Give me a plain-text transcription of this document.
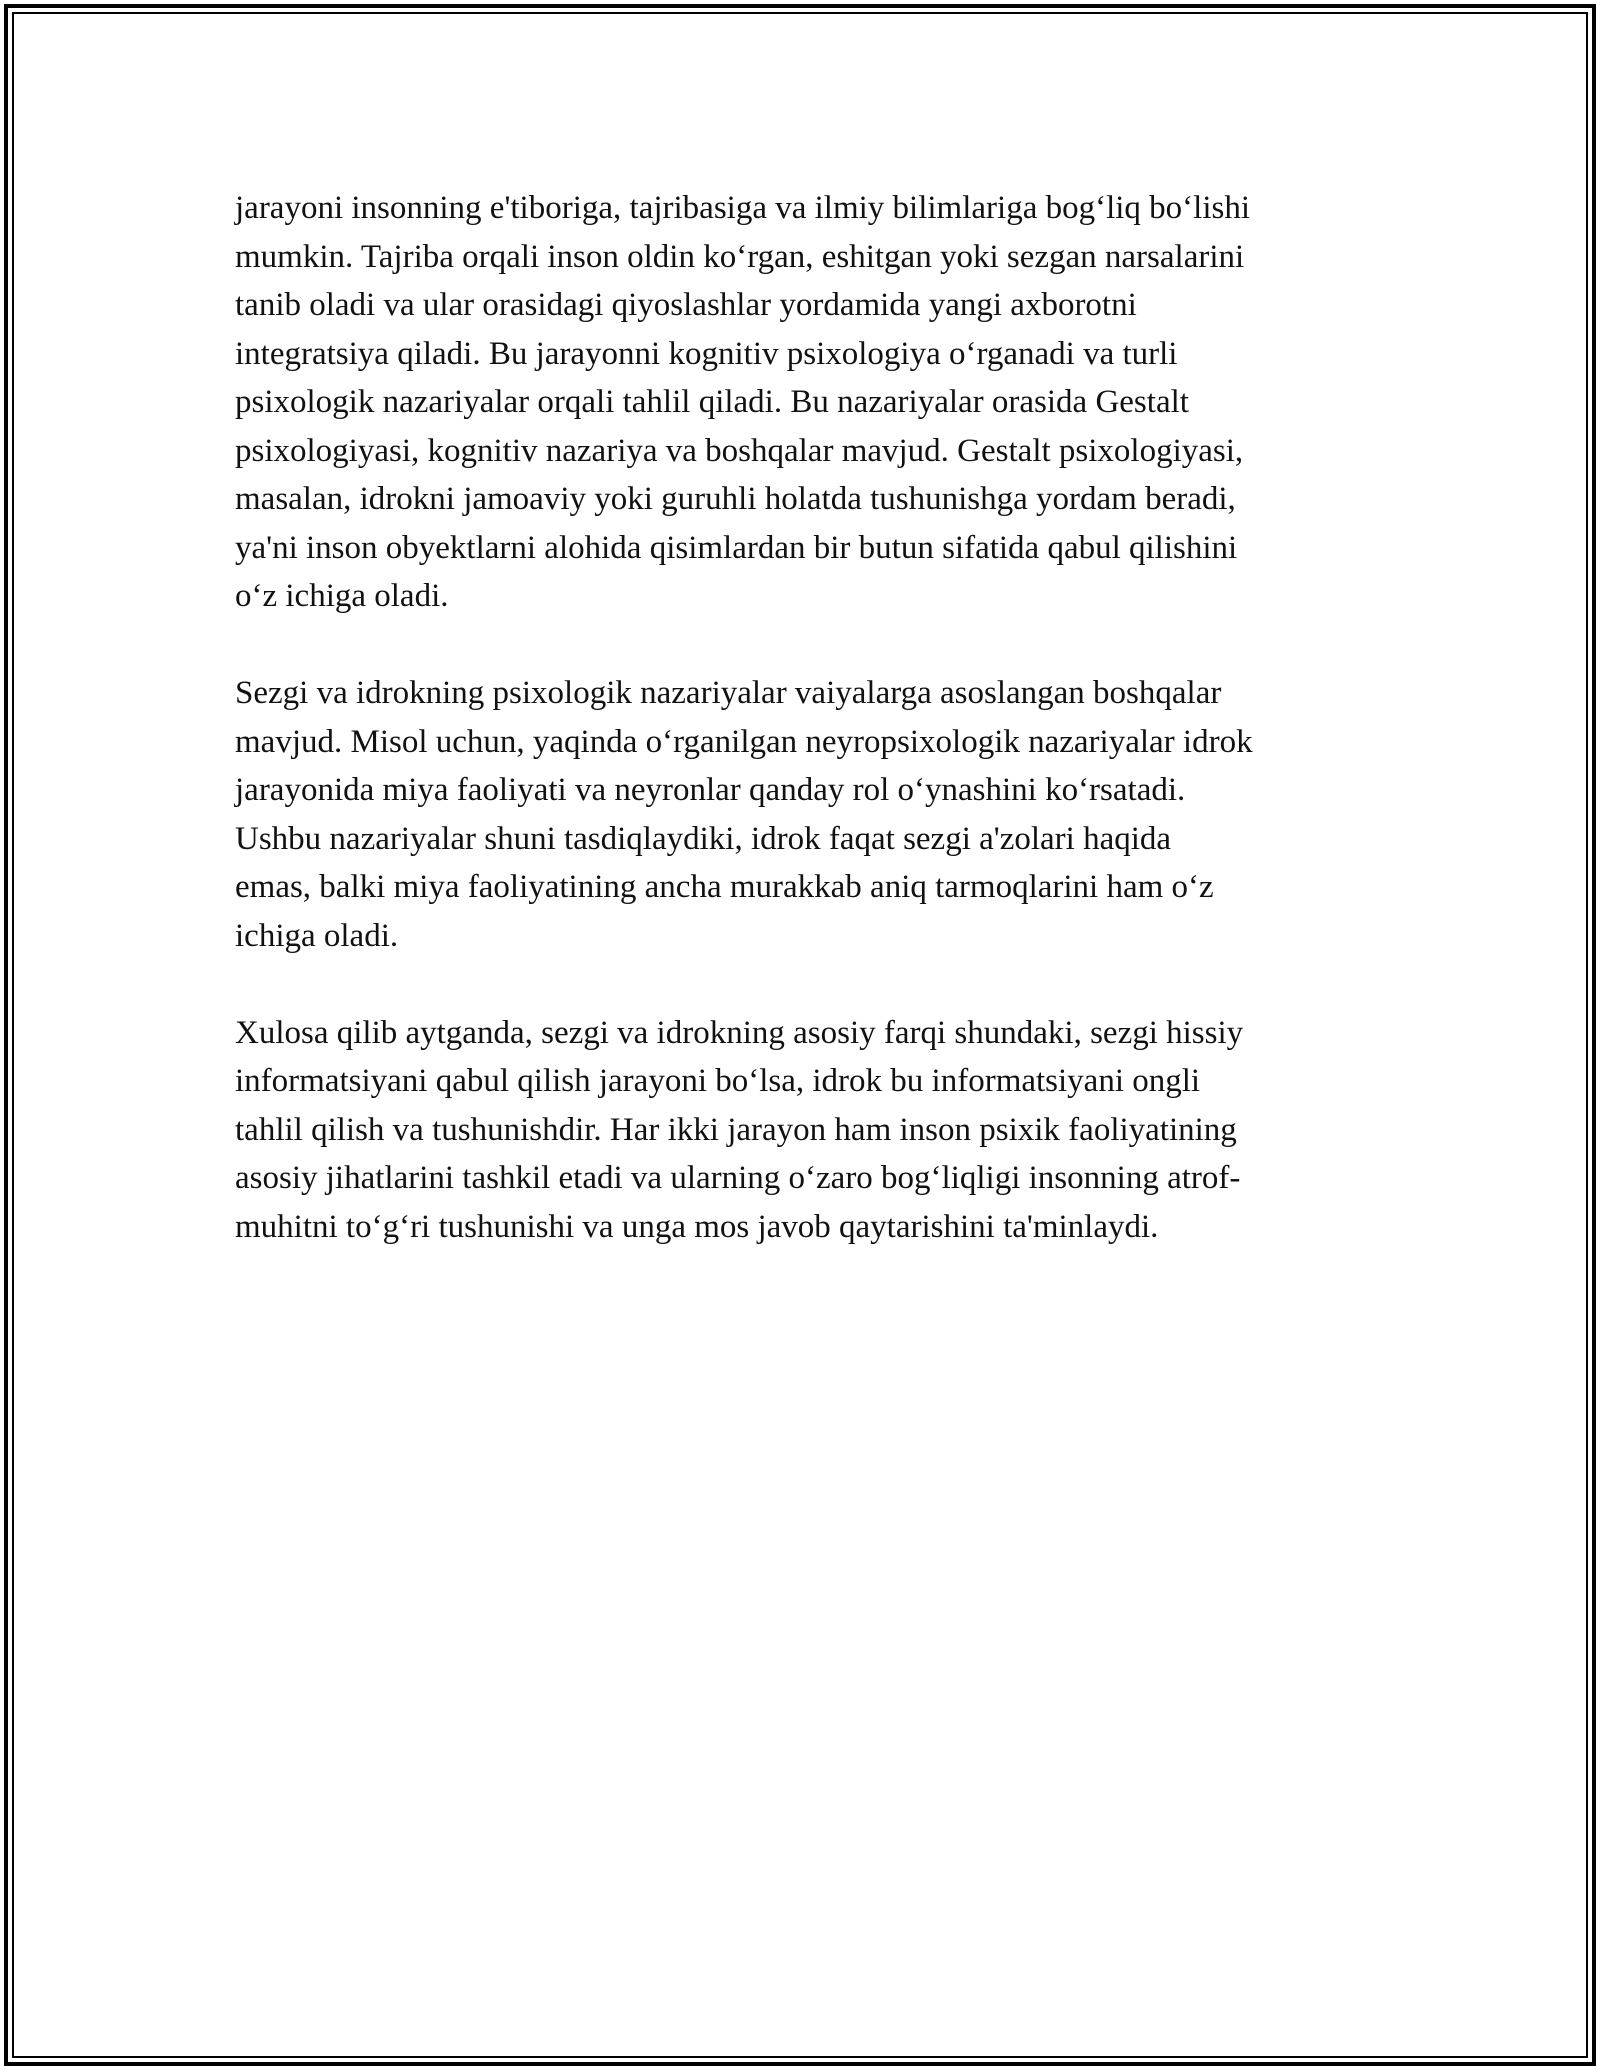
jarayoni insonning e'tiboriga, tajribasiga va ilmiy bilimlariga bog‘liq bo‘lishi
mumkin. Tajriba orqali inson oldin ko‘rgan, eshitgan yoki sezgan narsalarini
tanib oladi va ular orasidagi qiyoslashlar yordamida yangi axborotni
integratsiya qiladi. Bu jarayonni kognitiv psixologiya o‘rganadi va turli
psixologik nazariyalar orqali tahlil qiladi. Bu nazariyalar orasida Gestalt
psixologiyasi, kognitiv nazariya va boshqalar mavjud. Gestalt psixologiyasi,
masalan, idrokni jamoaviy yoki guruhli holatda tushunishga yordam beradi,
ya'ni inson obyektlarni alohida qisimlardan bir butun sifatida qabul qilishini
o‘z ichiga oladi.

Sezgi va idrokning psixologik nazariyalar vaiyalarga asoslangan boshqalar
mavjud. Misol uchun, yaqinda o‘rganilgan neyropsixologik nazariyalar idrok
jarayonida miya faoliyati va neyronlar qanday rol o‘ynashini ko‘rsatadi.
Ushbu nazariyalar shuni tasdiqlaydiki, idrok faqat sezgi a'zolari haqida
emas, balki miya faoliyatining ancha murakkab aniq tarmoqlarini ham o‘z
ichiga oladi.

Xulosa qilib aytganda, sezgi va idrokning asosiy farqi shundaki, sezgi hissiy
informatsiyani qabul qilish jarayoni bo‘lsa, idrok bu informatsiyani ongli
tahlil qilish va tushunishdir. Har ikki jarayon ham inson psixik faoliyatining
asosiy jihatlarini tashkil etadi va ularning o‘zaro bog‘liqligi insonning atrof-
muhitni to‘g‘ri tushunishi va unga mos javob qaytarishini ta'minlaydi.
